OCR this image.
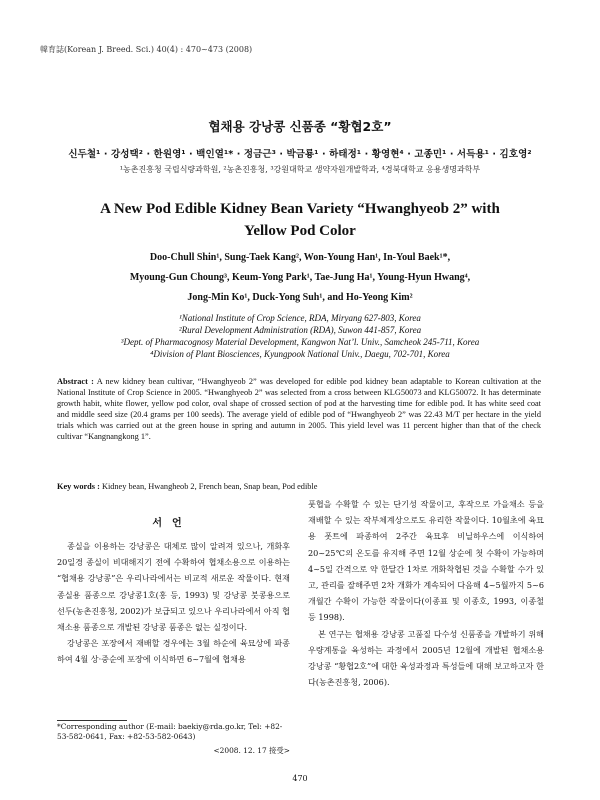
韓育誌(Korean J. Breed. Sci.) 40(4) : 470~473 (2008)
협채용 강낭콩 신품종 “황협2호”
신두철¹ · 강성택² · 한원영¹ · 백인열¹* · 정금근³ · 박금룡¹ · 하태정¹ · 황영현⁴ · 고종민¹ · 서득용¹ · 김호영²
¹농촌진흥청 국립식량과학원, ²농촌진흥청, ³강원대학교 생약자원개발학과, ⁴경북대학교 응용생명과학부
A New Pod Edible Kidney Bean Variety “Hwanghyeob 2” with
Yellow Pod Color
Doo-Chull Shin¹, Sung-Taek Kang², Won-Young Han¹, In-Youl Baek¹*,
Myoung-Gun Choung³, Keum-Yong Park¹, Tae-Jung Ha¹, Young-Hyun Hwang⁴,
Jong-Min Ko¹, Duck-Yong Suh¹, and Ho-Yeong Kim²
¹National Institute of Crop Science, RDA, Miryang 627-803, Korea
²Rural Development Administration (RDA), Suwon 441-857, Korea
³Dept. of Pharmacognosy Material Development, Kangwon Nat’l. Univ., Samcheok 245-711, Korea
⁴Division of Plant Biosciences, Kyungpook National Univ., Daegu, 702-701, Korea
Abstract : A new kidney bean cultivar, “Hwanghyeob 2” was developed for edible pod kidney bean adaptable to Korean cultivation at the National Institute of Crop Science in 2005. “Hwanghyeob 2” was selected from a cross between KLG50073 and KLG50072. It has determinate growth habit, white flower, yellow pod color, oval shape of crossed section of pod at the harvesting time for edible pod. It has white seed coat and middle seed size (20.4 grams per 100 seeds). The average yield of edible pod of “Hwanghyeob 2” was 22.43 M/T per hectare in the yield trials which was carried out at the green house in spring and autumn in 2005. This yield level was 11 percent higher than that of the check cultivar “Kangnangkong 1”.
Key words : Kidney bean, Hwangheob 2, French bean, Snap bean, Pod edible
서언

종실을 이용하는 강낭콩은 대체로 많이 알려져 있으나, 개화후 20일경 종실이 비대해지기 전에 수확하여 협채소용으로 이용하는 “협채용 강낭콩”은 우리나라에서는 비교적 새로운 작물이다. 현재 종실용 품종으로 강낭콩1호(홍 등, 1993) 및 강낭콩 붓콩용으로 선두(농촌진흥청, 2002)가 보급되고 있으나 우리나라에서 아직 협채소용 품종으로 개발된 강낭콩 품종은 없는 실정이다.

강낭콩은 포장에서 재배할 경우에는 3월 하순에 육묘상에 파종하여 4월 상·중순에 포장에 이식하면 6~7월에 협채용

풋협을 수확할 수 있는 단기성 작물이고, 후작으로 가을채소 등을 재배할 수 있는 작부체계상으로도 유리한 작물이다. 10월초에 육묘용 폿트에 파종하여 2주간 육묘후 비닐하우스에 이식하여 20~25℃의 온도를 유지해 주면 12월 상순에 첫 수확이 가능하며 4~5일 간격으로 약 한달간 1차로 개화착협된 것을 수확할 수가 있고, 관리를 잘해주면 2차 개화가 계속되어 다음해 4~5월까지 5~6개월간 수확이 가능한 작물이다(이종표 및 이종호, 1993, 이종철 등 1998).

본 연구는 협채용 강낭콩 고품질 다수성 신품종을 개발하기 위해 우량계통을 육성하는 과정에서 2005년 12월에 개발된 협채소용 강낭콩 “황협2호”에 대한 육성과정과 특성들에 대해 보고하고자 한다(농촌진흥청, 2006).

*Corresponding author (E-mail: baekiy@rda.go.kr, Tel: +82-53-582-0641, Fax: +82-53-582-0643)
<2008. 12. 17 接受>
470
